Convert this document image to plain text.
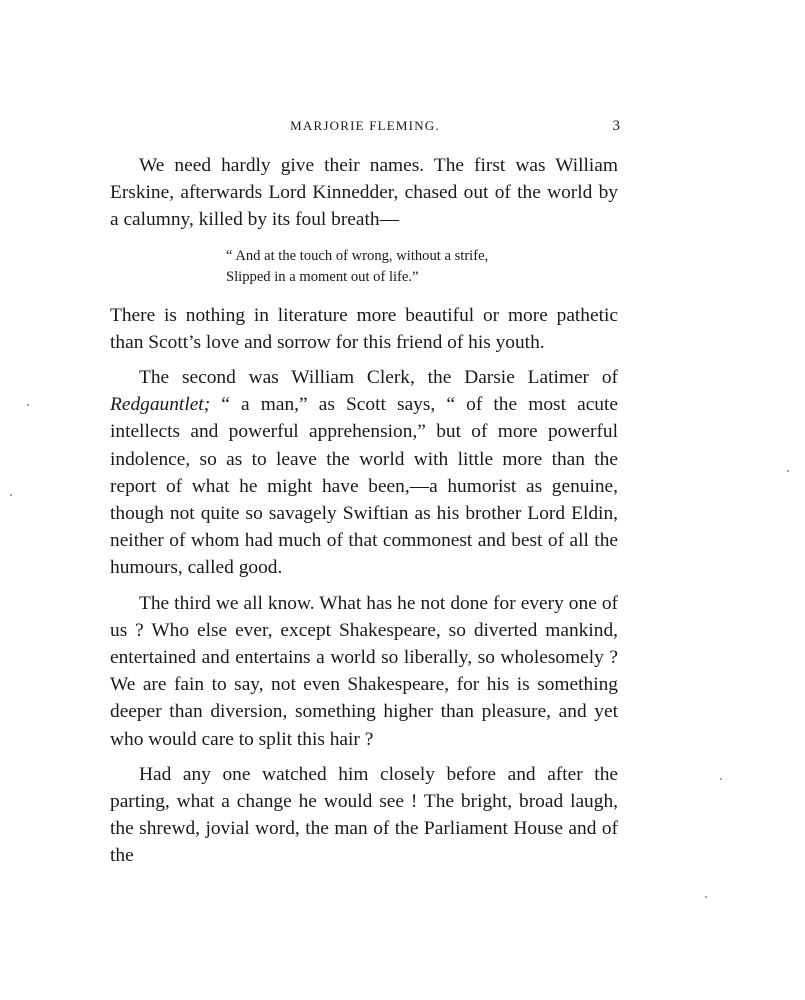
MARJORIE FLEMING.	3

We need hardly give their names. The first was William Erskine, afterwards Lord Kinnedder, chased out of the world by a calumny, killed by its foul breath—

“ And at the touch of wrong, without a strife,
Slipped in a moment out of life.”

There is nothing in literature more beautiful or more pathetic than Scott’s love and sorrow for this friend of his youth.

The second was William Clerk, the Darsie Latimer of Redgauntlet; “ a man,” as Scott says, “ of the most acute intellects and powerful apprehension,” but of more powerful indolence, so as to leave the world with little more than the report of what he might have been,—a humorist as genuine, though not quite so savagely Swiftian as his brother Lord Eldin, neither of whom had much of that commonest and best of all the humours, called good.

The third we all know. What has he not done for every one of us ? Who else ever, except Shakespeare, so diverted mankind, entertained and entertains a world so liberally, so wholesomely ? We are fain to say, not even Shakespeare, for his is something deeper than diversion, something higher than pleasure, and yet who would care to split this hair ?

Had any one watched him closely before and after the parting, what a change he would see ! The bright, broad laugh, the shrewd, jovial word, the man of the Parliament House and of the
